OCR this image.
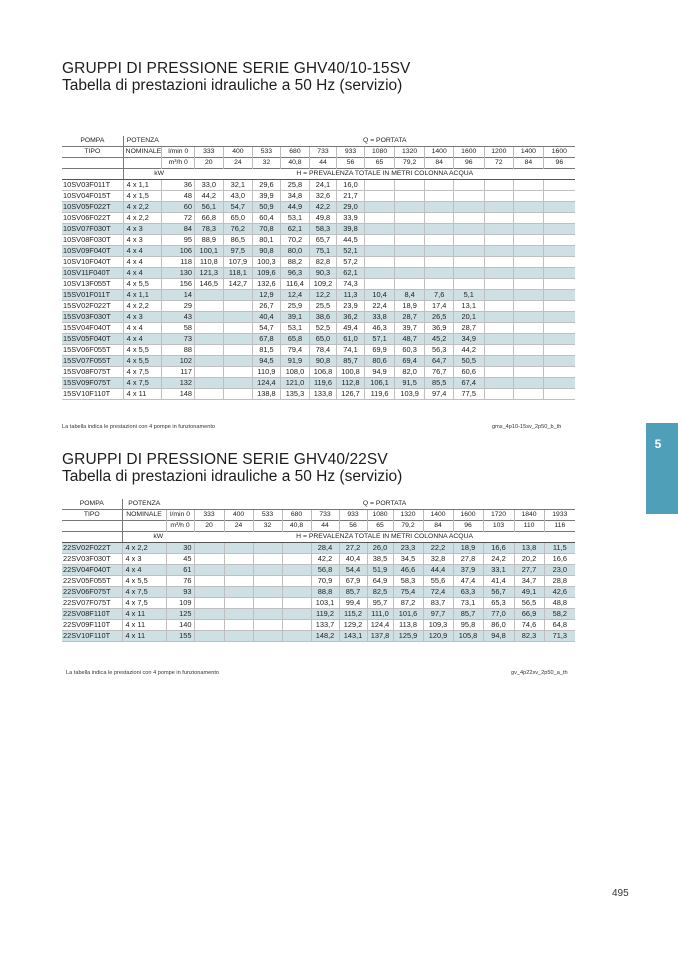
GRUPPI DI PRESSIONE SERIE GHV40/10-15SV
Tabella di prestazioni idrauliche a 50 Hz (servizio)
POMPA	POTENZA		Q = PORTATA												
TIPO	NOMINALE	l/min 0	333	400	533	680	733	933	1080	1320	1400	1600	1200	1400	1600
		m³/h 0	20	24	32	40,8	44	56	65	79,2	84	96	72	84	96
	kW		H = PREVALENZA TOTALE IN METRI COLONNA ACQUA												
10SV03F011T	4 x 1,1	36	33,0	32,1	29,6	25,8	24,1	16,0							
10SV04F015T	4 x 1,5	48	44,2	43,0	39,9	34,8	32,6	21,7							
10SV05F022T	4 x 2,2	60	56,1	54,7	50,9	44,9	42,2	29,0							
10SV06F022T	4 x 2,2	72	66,8	65,0	60,4	53,1	49,8	33,9							
10SV07F030T	4 x 3	84	78,3	76,2	70,8	62,1	58,3	39,8							
10SV08F030T	4 x 3	95	88,9	86,5	80,1	70,2	65,7	44,5							
10SV09F040T	4 x 4	106	100,1	97,5	90,8	80,0	75,1	52,1							
10SV10F040T	4 x 4	118	110,8	107,9	100,3	88,2	82,8	57,2							
10SV11F040T	4 x 4	130	121,3	118,1	109,6	96,3	90,3	62,1							
10SV13F055T	4 x 5,5	156	146,5	142,7	132,6	116,4	109,2	74,3							
15SV01F011T	4 x 1,1	14			12,9	12,4	12,2	11,3	10,4	8,4	7,6	5,1			
15SV02F022T	4 x 2,2	29			26,7	25,9	25,5	23,9	22,4	18,9	17,4	13,1			
15SV03F030T	4 x 3	43			40,4	39,1	38,6	36,2	33,8	28,7	26,5	20,1			
15SV04F040T	4 x 4	58			54,7	53,1	52,5	49,4	46,3	39,7	36,9	28,7			
15SV05F040T	4 x 4	73			67,8	65,8	65,0	61,0	57,1	48,7	45,2	34,9			
15SV06F055T	4 x 5,5	88			81,5	79,4	78,4	74,1	69,9	60,3	56,3	44,2			
15SV07F055T	4 x 5,5	102			94,5	91,9	90,8	85,7	80,6	69,4	64,7	50,5			
15SV08F075T	4 x 7,5	117			110,9	108,0	106,8	100,8	94,9	82,0	76,7	60,6			
15SV09F075T	4 x 7,5	132			124,4	121,0	119,6	112,8	106,1	91,5	85,5	67,4			
15SV10F110T	4 x 11	148			138,8	135,3	133,8	126,7	119,6	103,9	97,4	77,5			
La tabella indica le prestazioni con 4 pompe in funzionamento	gms_4p10-15sv_2p50_b_th
GRUPPI DI PRESSIONE SERIE GHV40/22SV
Tabella di prestazioni idrauliche a 50 Hz (servizio)
POMPA	POTENZA		Q = PORTATA												
TIPO	NOMINALE	l/min 0	333	400	533	680	733	933	1080	1320	1400	1600	1720	1840	1933
		m³/h 0	20	24	32	40,8	44	56	65	79,2	84	96	103	110	116
	kW		H = PREVALENZA TOTALE IN METRI COLONNA ACQUA												
22SV02F022T	4 x 2,2	30					28,4	27,2	26,0	23,3	22,2	18,9	16,6	13,8	11,5
22SV03F030T	4 x 3	45					42,2	40,4	38,5	34,5	32,8	27,8	24,2	20,2	16,6
22SV04F040T	4 x 4	61					56,8	54,4	51,9	46,6	44,4	37,9	33,1	27,7	23,0
22SV05F055T	4 x 5,5	76					70,9	67,9	64,9	58,3	55,6	47,4	41,4	34,7	28,8
22SV06F075T	4 x 7,5	93					88,8	85,7	82,5	75,4	72,4	63,3	56,7	49,1	42,6
22SV07F075T	4 x 7,5	109					103,1	99,4	95,7	87,2	83,7	73,1	65,3	56,5	48,8
22SV08F110T	4 x 11	125					119,2	115,2	111,0	101,6	97,7	85,7	77,0	66,9	58,2
22SV09F110T	4 x 11	140					133,7	129,2	124,4	113,8	109,3	95,8	86,0	74,6	64,8
22SV10F110T	4 x 11	155					148,2	143,1	137,8	125,9	120,9	105,8	94,8	82,3	71,3
La tabella indica le prestazioni con 4 pompe in funzionamento	gv_4p22sv_2p50_a_th
5
495
